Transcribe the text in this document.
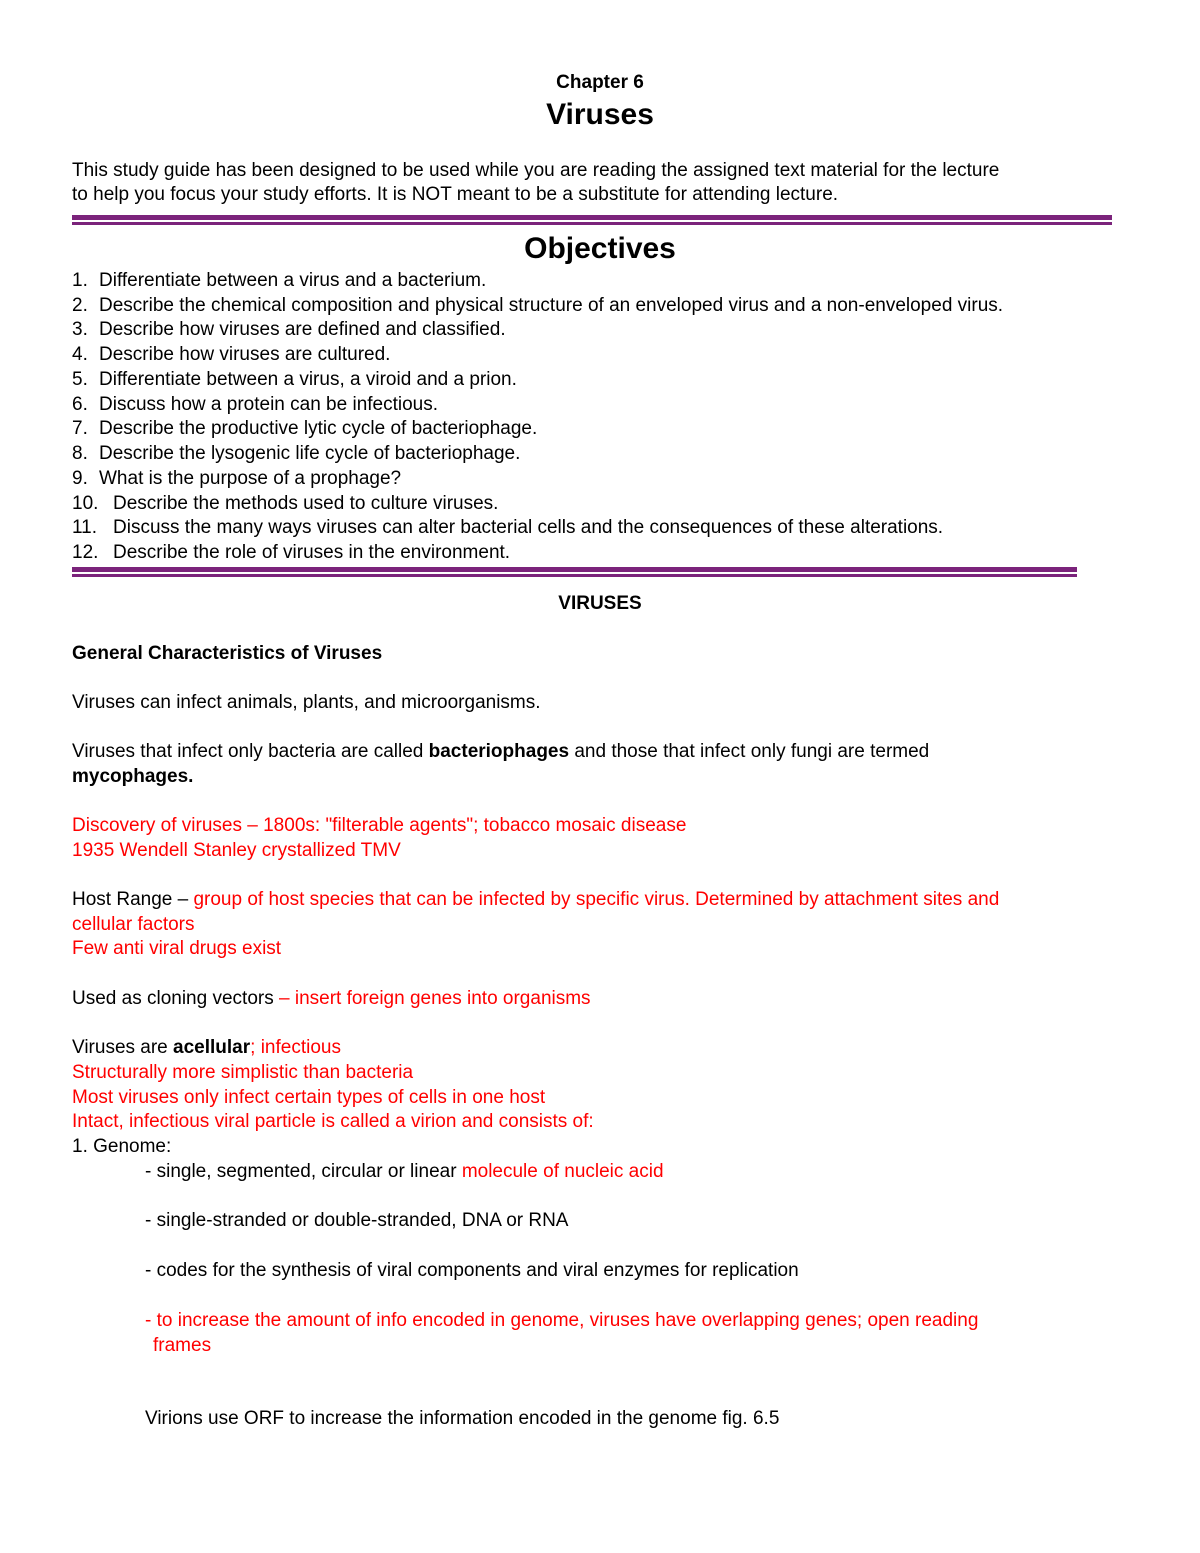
Chapter 6
Viruses
This study guide has been designed to be used while you are reading the assigned text material for the lecture
to help you focus your study efforts. It is NOT meant to be a substitute for attending lecture.
Objectives
1. Differentiate between a virus and a bacterium.
2. Describe the chemical composition and physical structure of an enveloped virus and a non-enveloped virus.
3. Describe how viruses are defined and classified.
4. Describe how viruses are cultured.
5. Differentiate between a virus, a viroid and a prion.
6. Discuss how a protein can be infectious.
7. Describe the productive lytic cycle of bacteriophage.
8. Describe the lysogenic life cycle of bacteriophage.
9. What is the purpose of a prophage?
10. Describe the methods used to culture viruses.
11. Discuss the many ways viruses can alter bacterial cells and the consequences of these alterations.
12. Describe the role of viruses in the environment.
VIRUSES
General Characteristics of Viruses
Viruses can infect animals, plants, and microorganisms.
Viruses that infect only bacteria are called bacteriophages and those that infect only fungi are termed
mycophages.
Discovery of viruses – 1800s: "filterable agents"; tobacco mosaic disease
1935 Wendell Stanley crystallized TMV
Host Range – group of host species that can be infected by specific virus. Determined by attachment sites and
cellular factors
Few anti viral drugs exist
Used as cloning vectors – insert foreign genes into organisms
Viruses are acellular; infectious
Structurally more simplistic than bacteria
Most viruses only infect certain types of cells in one host
Intact, infectious viral particle is called a virion and consists of:
1. Genome:
- single, segmented, circular or linear molecule of nucleic acid
- single-stranded or double-stranded, DNA or RNA
- codes for the synthesis of viral components and viral enzymes for replication
- to increase the amount of info encoded in genome, viruses have overlapping genes; open reading
frames
Virions use ORF to increase the information encoded in the genome fig. 6.5
